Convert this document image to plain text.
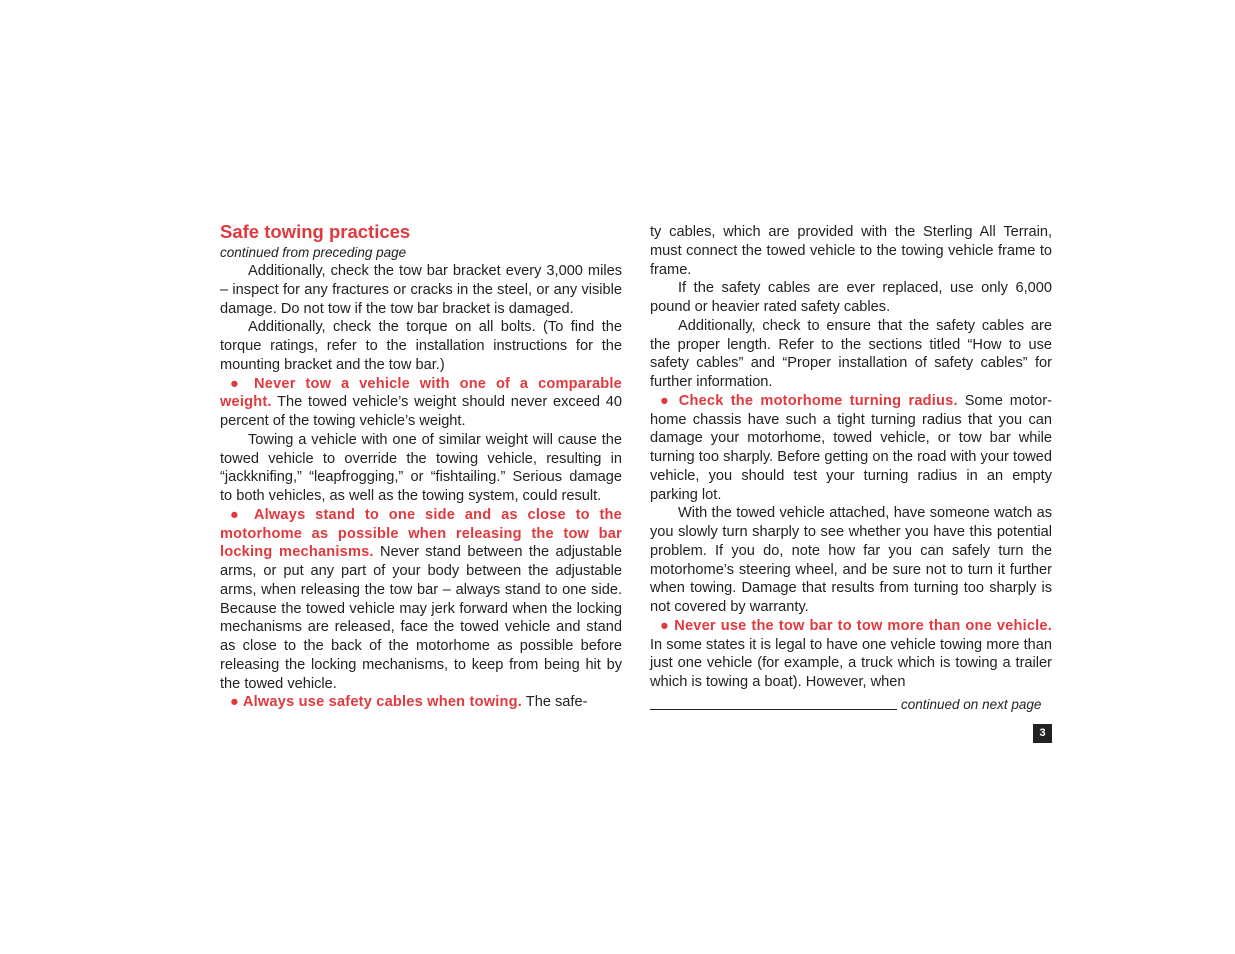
Safe towing practices

continued from preceding page

Additionally, check the tow bar bracket every 3,000 miles – inspect for any fractures or cracks in the steel, or any visible damage. Do not tow if the tow bar bracket is damaged.

Additionally, check the torque on all bolts. (To find the torque ratings, refer to the installation instructions for the mounting bracket and the tow bar.)

● Never tow a vehicle with one of a comparable weight. The towed vehicle’s weight should never exceed 40 percent of the towing vehicle’s weight.

Towing a vehicle with one of similar weight will cause the towed vehicle to override the towing vehicle, resulting in “jackknifing,” “leapfrogging,” or “fishtailing.” Serious damage to both vehicles, as well as the towing system, could result.

● Always stand to one side and as close to the motorhome as possible when releasing the tow bar locking mechanisms. Never stand between the adjustable arms, or put any part of your body between the adjustable arms, when releasing the tow bar – always stand to one side. Because the towed vehicle may jerk forward when the locking mechanisms are released, face the towed vehicle and stand as close to the back of the motorhome as possible before releasing the locking mechanisms, to keep from being hit by the towed vehicle.

● Always use safety cables when towing. The safe-

ty cables, which are provided with the Sterling All Terrain, must connect the towed vehicle to the towing vehicle frame to frame.

If the safety cables are ever replaced, use only 6,000 pound or heavier rated safety cables.

Additionally, check to ensure that the safety cables are the proper length. Refer to the sections titled “How to use safety cables” and “Proper installation of safety cables” for further information.

● Check the motorhome turning radius. Some motorhome chassis have such a tight turning radius that you can damage your motorhome, towed vehicle, or tow bar while turning too sharply. Before getting on the road with your towed vehicle, you should test your turning radius in an empty parking lot.

With the towed vehicle attached, have someone watch as you slowly turn sharply to see whether you have this potential problem. If you do, note how far you can safely turn the motorhome’s steering wheel, and be sure not to turn it further when towing. Damage that results from turning too sharply is not covered by warranty.

● Never use the tow bar to tow more than one vehicle. In some states it is legal to have one vehicle towing more than just one vehicle (for example, a truck which is towing a trailer which is towing a boat). However, when

continued on next page
3
